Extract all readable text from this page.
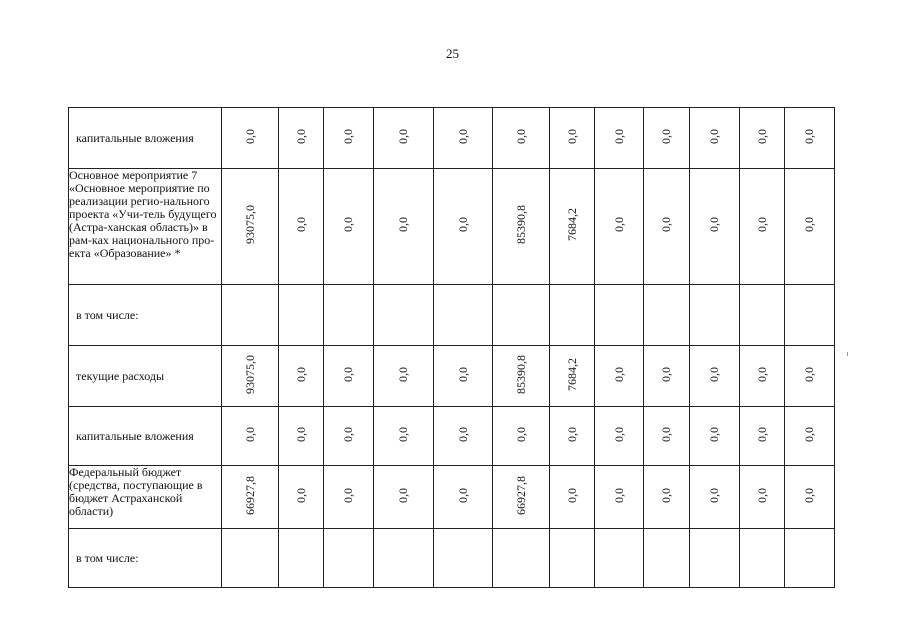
25
капитальные вложения	0,0	0,0	0,0	0,0	0,0	0,0	0,0	0,0	0,0	0,0	0,0	0,0
Основное мероприятие 7 «Основное мероприятие по реализации регио-нального проекта «Учи-тель будущего (Астра-ханская область)» в рам-ках национального про-екта «Образование» *	93075,0	0,0	0,0	0,0	0,0	85390,8	7684,2	0,0	0,0	0,0	0,0	0,0
в том числе:												
текущие расходы	93075,0	0,0	0,0	0,0	0,0	85390,8	7684,2	0,0	0,0	0,0	0,0	0,0
капитальные вложения	0,0	0,0	0,0	0,0	0,0	0,0	0,0	0,0	0,0	0,0	0,0	0,0
Федеральный бюджет (средства, поступающие в бюджет Астраханской области)	66927,8	0,0	0,0	0,0	0,0	66927,8	0,0	0,0	0,0	0,0	0,0	0,0
в том числе:												
